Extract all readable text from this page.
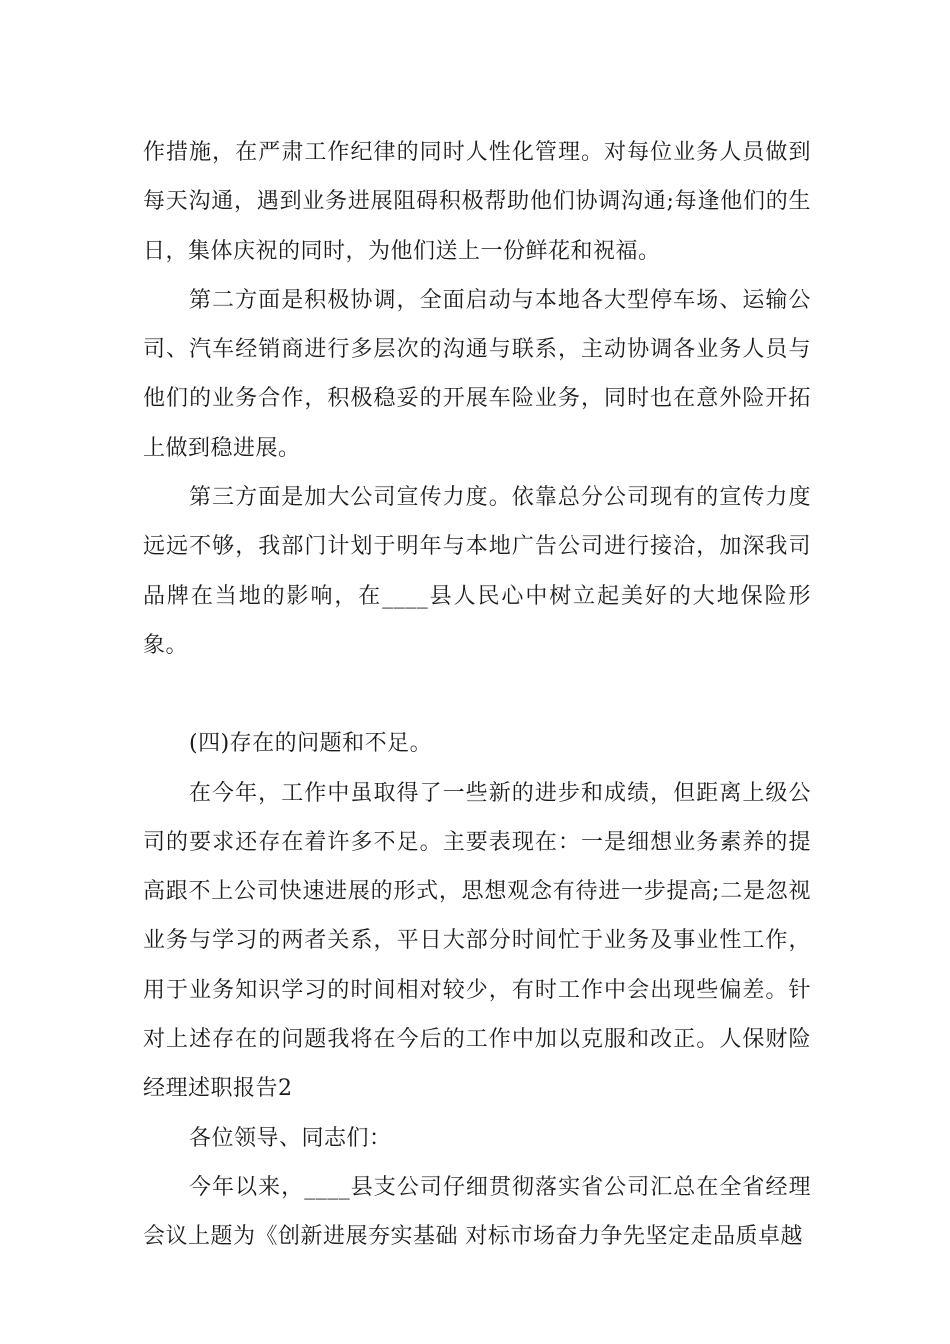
作措施，在严肃工作纪律的同时人性化管理。对每位业务人员做到每天沟通，遇到业务进展阻碍积极帮助他们协调沟通;每逢他们的生日，集体庆祝的同时，为他们送上一份鲜花和祝福。

第二方面是积极协调，全面启动与本地各大型停车场、运输公司、汽车经销商进行多层次的沟通与联系，主动协调各业务人员与他们的业务合作，积极稳妥的开展车险业务，同时也在意外险开拓上做到稳进展。

第三方面是加大公司宣传力度。依靠总分公司现有的宣传力度远远不够，我部门计划于明年与本地广告公司进行接洽，加深我司品牌在当地的影响，在____县人民心中树立起美好的大地保险形象。

(四)存在的问题和不足。

在今年，工作中虽取得了一些新的进步和成绩，但距离上级公司的要求还存在着许多不足。主要表现在：一是细想业务素养的提高跟不上公司快速进展的形式，思想观念有待进一步提高;二是忽视业务与学习的两者关系，平日大部分时间忙于业务及事业性工作，用于业务知识学习的时间相对较少，有时工作中会出现些偏差。针对上述存在的问题我将在今后的工作中加以克服和改正。人保财险经理述职报告2

各位领导、同志们：

今年以来，____县支公司仔细贯彻落实省公司汇总在全省经理会议上题为《创新进展夯实基础 对标市场奋力争先坚定走品质卓越
